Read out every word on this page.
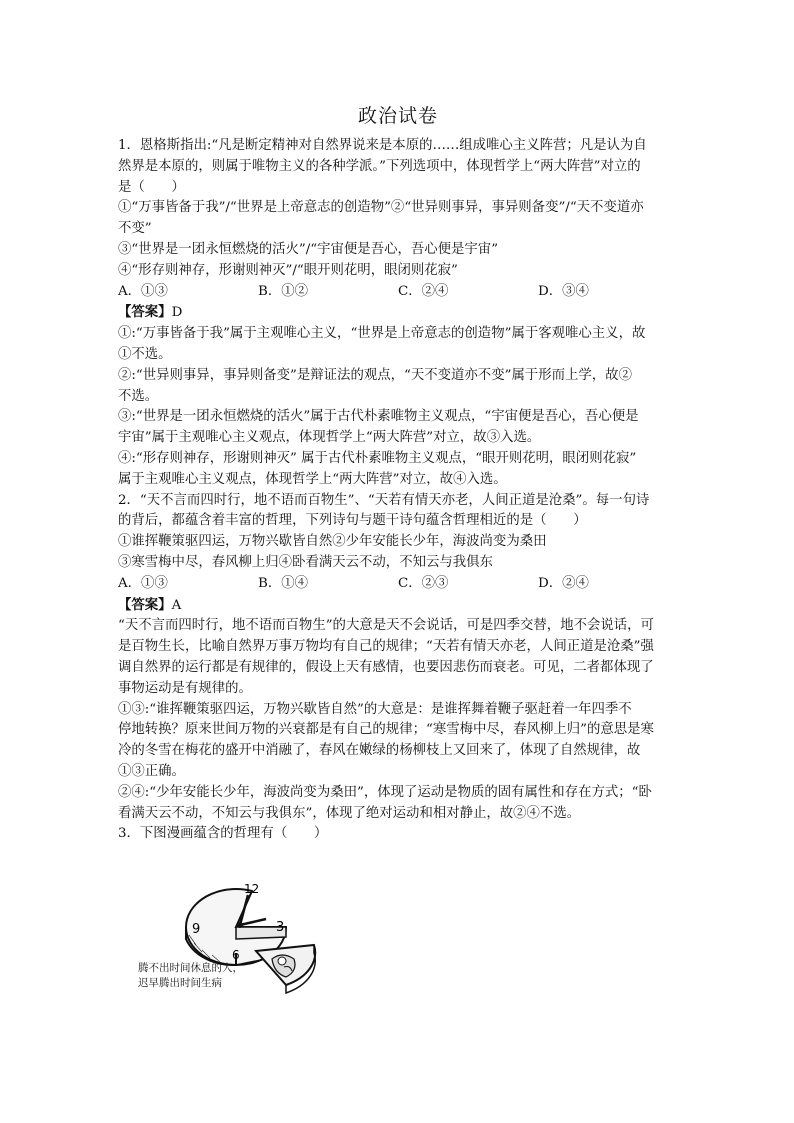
政治试卷
1．恩格斯指出:“凡是断定精神对自然界说来是本原的……组成唯心主义阵营；凡是认为自
然界是本原的，则属于唯物主义的各种学派。”下列选项中，体现哲学上“两大阵营”对立的
是（　　）
①“万事皆备于我”/“世界是上帝意志的创造物”②“世异则事异，事异则备变”/“天不变道亦
不变”
③“世界是一团永恒燃烧的活火”/“宇宙便是吾心，吾心便是宇宙”
④“形存则神存，形谢则神灭”/“眼开则花明，眼闭则花寂”
A．①③	B．①②	C．②④	D．③④
【答案】D
①:“万事皆备于我”属于主观唯心主义，“世界是上帝意志的创造物”属于客观唯心主义，故
①不选。
②:“世异则事异，事异则备变”是辩证法的观点，“天不变道亦不变”属于形而上学，故②
不选。
③:“世界是一团永恒燃烧的活火”属于古代朴素唯物主义观点，“宇宙便是吾心，吾心便是
宇宙”属于主观唯心主义观点，体现哲学上“两大阵营”对立，故③入选。
④:“形存则神存，形谢则神灭” 属于古代朴素唯物主义观点，“眼开则花明，眼闭则花寂”
属于主观唯心主义观点，体现哲学上“两大阵营”对立，故④入选。
2．“天不言而四时行，地不语而百物生”、“天若有情天亦老，人间正道是沧桑”。每一句诗
的背后，都蕴含着丰富的哲理，下列诗句与题干诗句蕴含哲理相近的是（　　）
①谁挥鞭策驱四运，万物兴歇皆自然②少年安能长少年，海波尚变为桑田
③寒雪梅中尽，春风柳上归④卧看满天云不动，不知云与我俱东
A．①③	B．①④	C．②③	D．②④
【答案】A
“天不言而四时行，地不语而百物生”的大意是天不会说话，可是四季交替，地不会说话，可
是百物生长，比喻自然界万事万物均有自己的规律；“天若有情天亦老，人间正道是沧桑”强
调自然界的运行都是有规律的，假设上天有感情，也要因悲伤而衰老。可见，二者都体现了
事物运动是有规律的。
①③:“谁挥鞭策驱四运，万物兴歇皆自然”的大意是：是谁挥舞着鞭子驱赶着一年四季不
停地转换？原来世间万物的兴衰都是有自己的规律；“寒雪梅中尽，春风柳上归”的意思是寒
冷的冬雪在梅花的盛开中消融了，春风在嫩绿的杨柳枝上又回来了，体现了自然规律，故
①③正确。
②④:“少年安能长少年，海波尚变为桑田”，体现了运动是物质的固有属性和存在方式；“卧
看满天云不动，不知云与我俱东”，体现了绝对运动和相对静止，故②④不选。
3．下图漫画蕴含的哲理有（　　）
12
3
6
9
腾不出时间休息的人，
迟早腾出时间生病
